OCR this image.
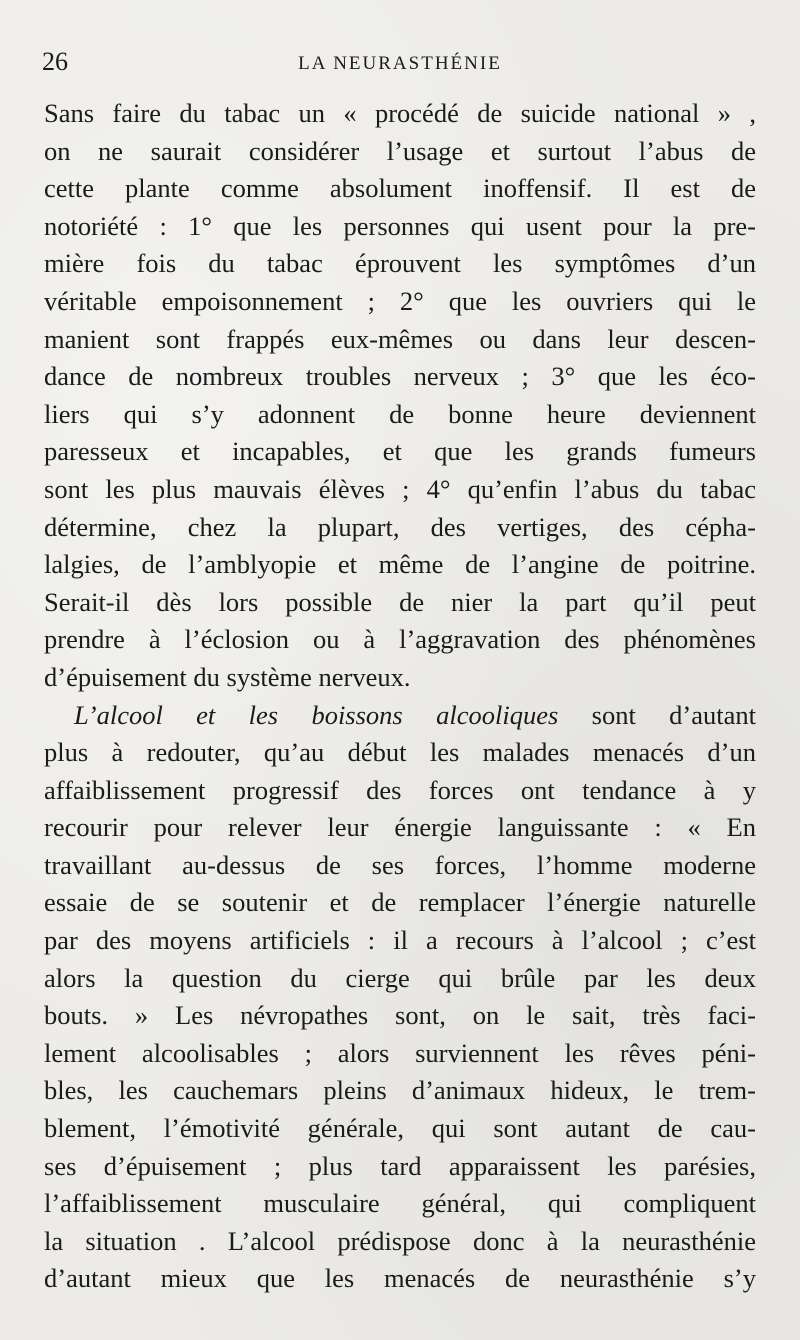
26	LA NEURASTHÉNIE
Sans faire du tabac un « procédé de suicide national » ,
on ne saurait considérer l’usage et surtout l’abus de
cette plante comme absolument inoffensif. Il est de
notoriété : 1° que les personnes qui usent pour la pre-
mière fois du tabac éprouvent les symptômes d’un
véritable empoisonnement ; 2° que les ouvriers qui le
manient sont frappés eux-mêmes ou dans leur descen-
dance de nombreux troubles nerveux ; 3° que les éco-
liers qui s’y adonnent de bonne heure deviennent
paresseux et incapables, et que les grands fumeurs
sont les plus mauvais élèves ; 4° qu’enfin l’abus du tabac
détermine, chez la plupart, des vertiges, des cépha-
lalgies, de l’amblyopie et même de l’angine de poitrine.
Serait-il dès lors possible de nier la part qu’il peut
prendre à l’éclosion ou à l’aggravation des phénomènes
d’épuisement du système nerveux.
L’alcool et les boissons alcooliques sont d’autant
plus à redouter, qu’au début les malades menacés d’un
affaiblissement progressif des forces ont tendance à y
recourir pour relever leur énergie languissante : « En
travaillant au-dessus de ses forces, l’homme moderne
essaie de se soutenir et de remplacer l’énergie naturelle
par des moyens artificiels : il a recours à l’alcool ; c’est
alors la question du cierge qui brûle par les deux
bouts. » Les névropathes sont, on le sait, très faci-
lement alcoolisables ; alors surviennent les rêves péni-
bles, les cauchemars pleins d’animaux hideux, le trem-
blement, l’émotivité générale, qui sont autant de cau-
ses d’épuisement ; plus tard apparaissent les parésies,
l’affaiblissement musculaire général, qui compliquent
la situation . L’alcool prédispose donc à la neurasthénie
d’autant mieux que les menacés de neurasthénie s’y
